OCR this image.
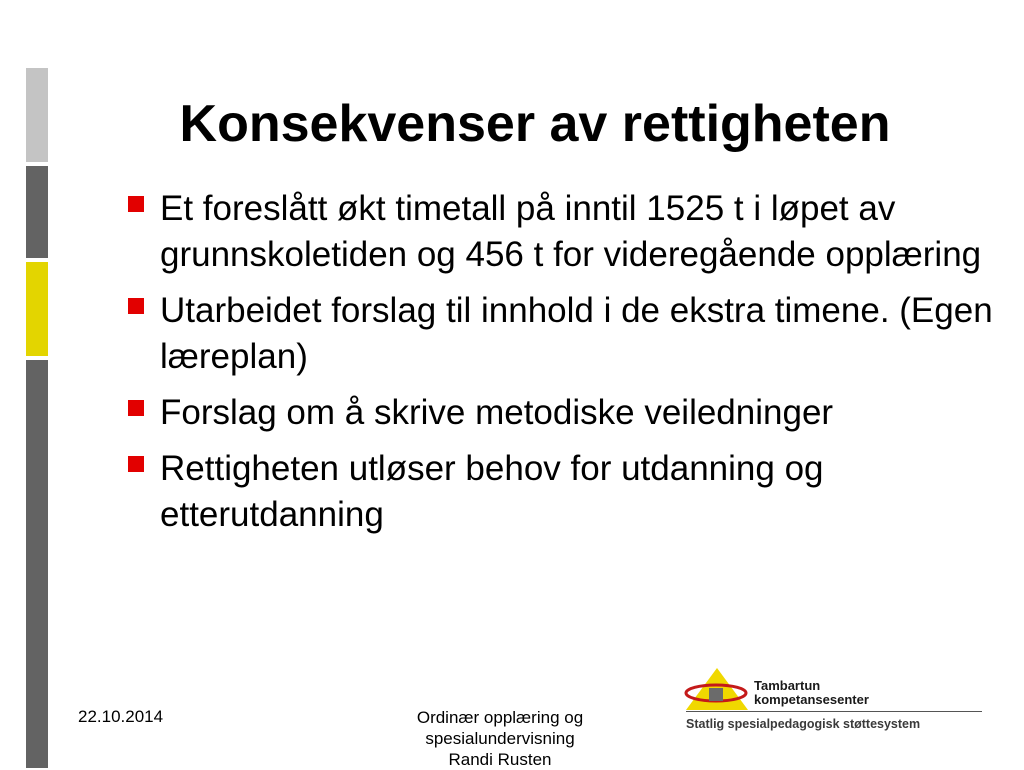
Konsekvenser av rettigheten
Et foreslått økt timetall på inntil 1525 t i løpet av grunnskoletiden og 456 t for videregående opplæring
Utarbeidet forslag til innhold i de ekstra timene. (Egen læreplan)
Forslag om å skrive metodiske veiledninger
Rettigheten utløser behov for utdanning og etterutdanning
22.10.2014	Ordinær opplæring og
spesialundervisning
Randi Rusten
Tambartun
kompetansesenter
Statlig spesialpedagogisk støttesystem
